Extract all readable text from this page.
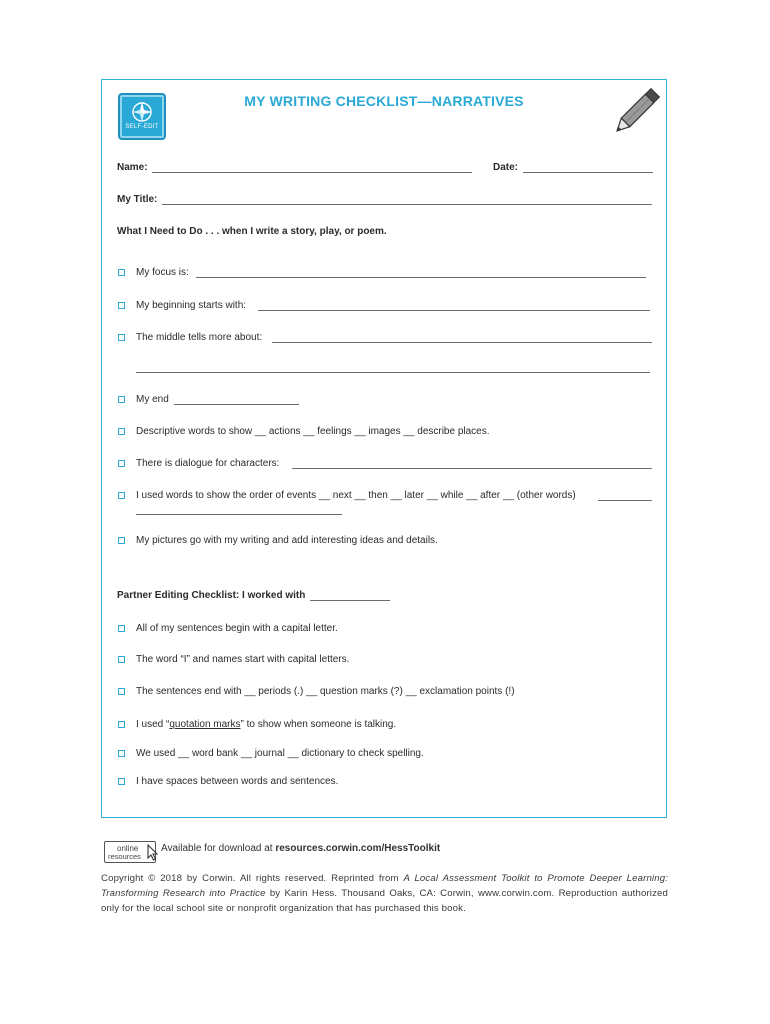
SELF-EDIT
MY WRITING CHECKLIST—NARRATIVES
Name:	Date:
My Title:
What I Need to Do . . . when I write a story, play, or poem.
My focus is:
My beginning starts with:
The middle tells more about:
My end
Descriptive words to show __ actions __ feelings __ images __ describe places.
There is dialogue for characters:
I used words to show the order of events __ next __ then __ later __ while __ after __ (other words)
My pictures go with my writing and add interesting ideas and details.
Partner Editing Checklist: I worked with
All of my sentences begin with a capital letter.
The word “I” and names start with capital letters.
The sentences end with __ periods (.) __ question marks (?) __ exclamation points (!)
I used “quotation marks” to show when someone is talking.
We used __ word bank __ journal __ dictionary to check spelling.
I have spaces between words and sentences.
online
resources
Available for download at resources.corwin.com/HessToolkit
Copyright © 2018 by Corwin. All rights reserved. Reprinted from A Local Assessment Toolkit to Promote Deeper Learning: Transforming Research into Practice by Karin Hess. Thousand Oaks, CA: Corwin, www.corwin.com. Reproduction authorized only for the local school site or nonprofit organization that has purchased this book.
